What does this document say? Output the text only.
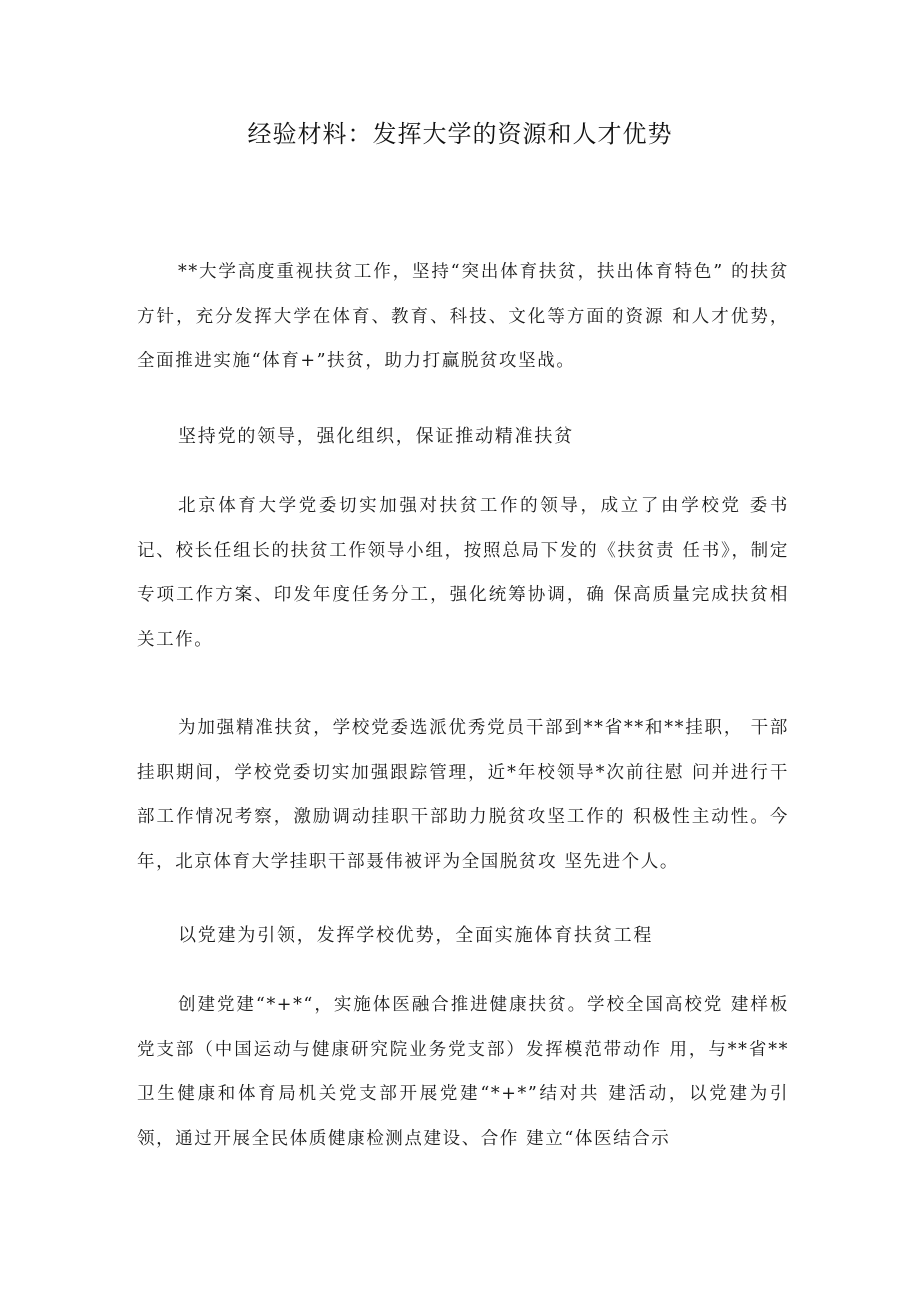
经验材料：发挥大学的资源和人才优势

**大学高度重视扶贫工作，坚持“突出体育扶贫，扶出体育特色” 的扶贫方针，充分发挥大学在体育、教育、科技、文化等方面的资源 和人才优势，全面推进实施“体育+”扶贫，助力打赢脱贫攻坚战。

坚持党的领导，强化组织，保证推动精准扶贫

北京体育大学党委切实加强对扶贫工作的领导，成立了由学校党 委书记、校长任组长的扶贫工作领导小组，按照总局下发的《扶贫责 任书》，制定专项工作方案、印发年度任务分工，强化统筹协调，确 保高质量完成扶贫相关工作。

为加强精准扶贫，学校党委选派优秀党员干部到**省**和**挂职， 干部挂职期间，学校党委切实加强跟踪管理，近*年校领导*次前往慰 问并进行干部工作情况考察，激励调动挂职干部助力脱贫攻坚工作的 积极性主动性。今年，北京体育大学挂职干部聂伟被评为全国脱贫攻 坚先进个人。

以党建为引领，发挥学校优势，全面实施体育扶贫工程

创建党建“*+*“，实施体医融合推进健康扶贫。学校全国高校党 建样板党支部（中国运动与健康研究院业务党支部）发挥模范带动作 用，与**省**卫生健康和体育局机关党支部开展党建“*+*”结对共 建活动，以党建为引领，通过开展全民体质健康检测点建设、合作 建立“体医结合示
